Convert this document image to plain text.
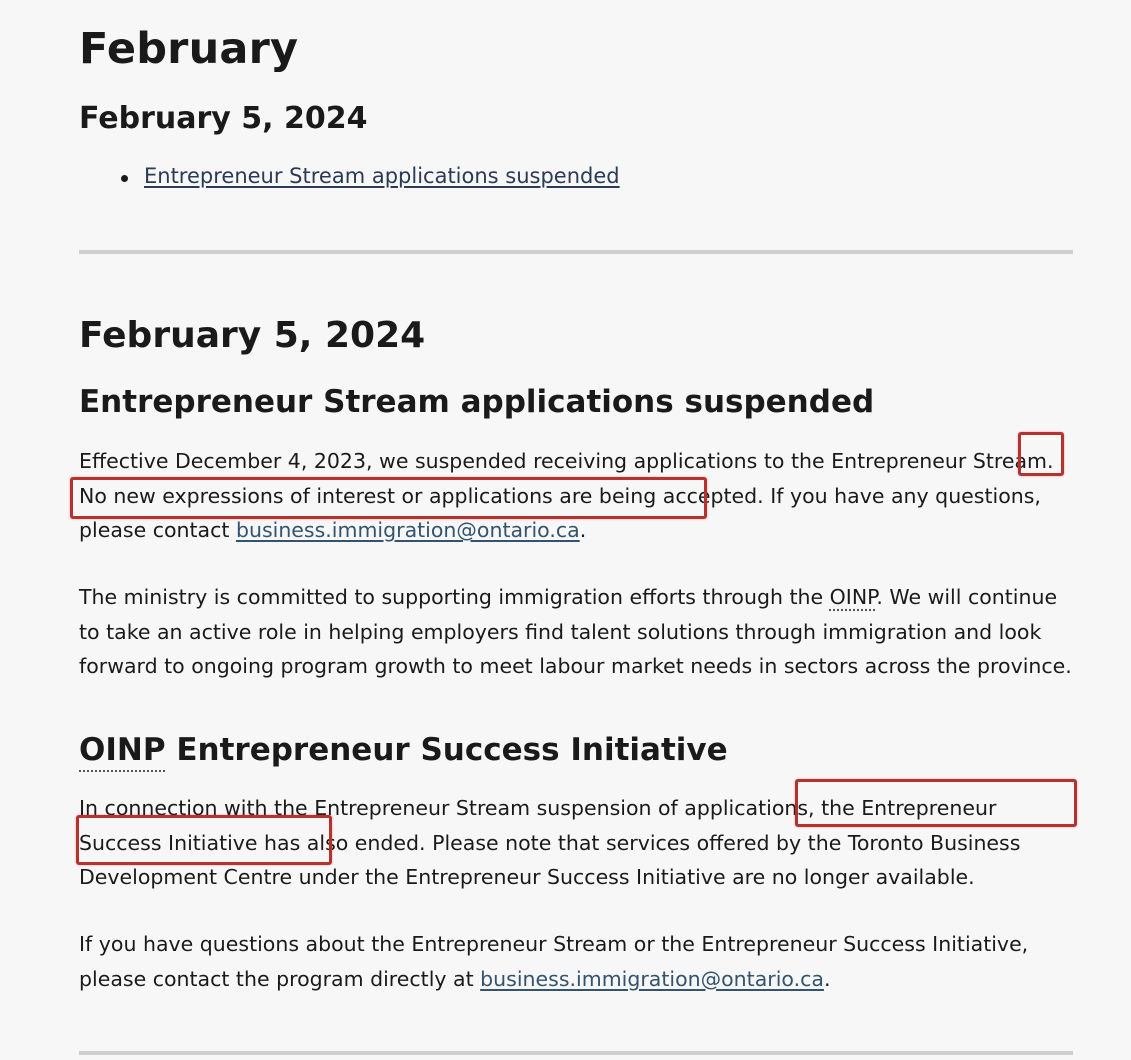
February
February 5, 2024
Entrepreneur Stream applications suspended
February 5, 2024
Entrepreneur Stream applications suspended

Effective December 4, 2023, we suspended receiving applications to the Entrepreneur Stream. No new expressions of interest or applications are being accepted. If you have any questions, please contact business.immigration@ontario.ca.

The ministry is committed to supporting immigration efforts through the OINP. We will continue to take an active role in helping employers find talent solutions through immigration and look forward to ongoing program growth to meet labour market needs in sectors across the province.

OINP Entrepreneur Success Initiative

In connection with the Entrepreneur Stream suspension of applications, the Entrepreneur Success Initiative has also ended. Please note that services offered by the Toronto Business Development Centre under the Entrepreneur Success Initiative are no longer available.

If you have questions about the Entrepreneur Stream or the Entrepreneur Success Initiative, please contact the program directly at business.immigration@ontario.ca.
